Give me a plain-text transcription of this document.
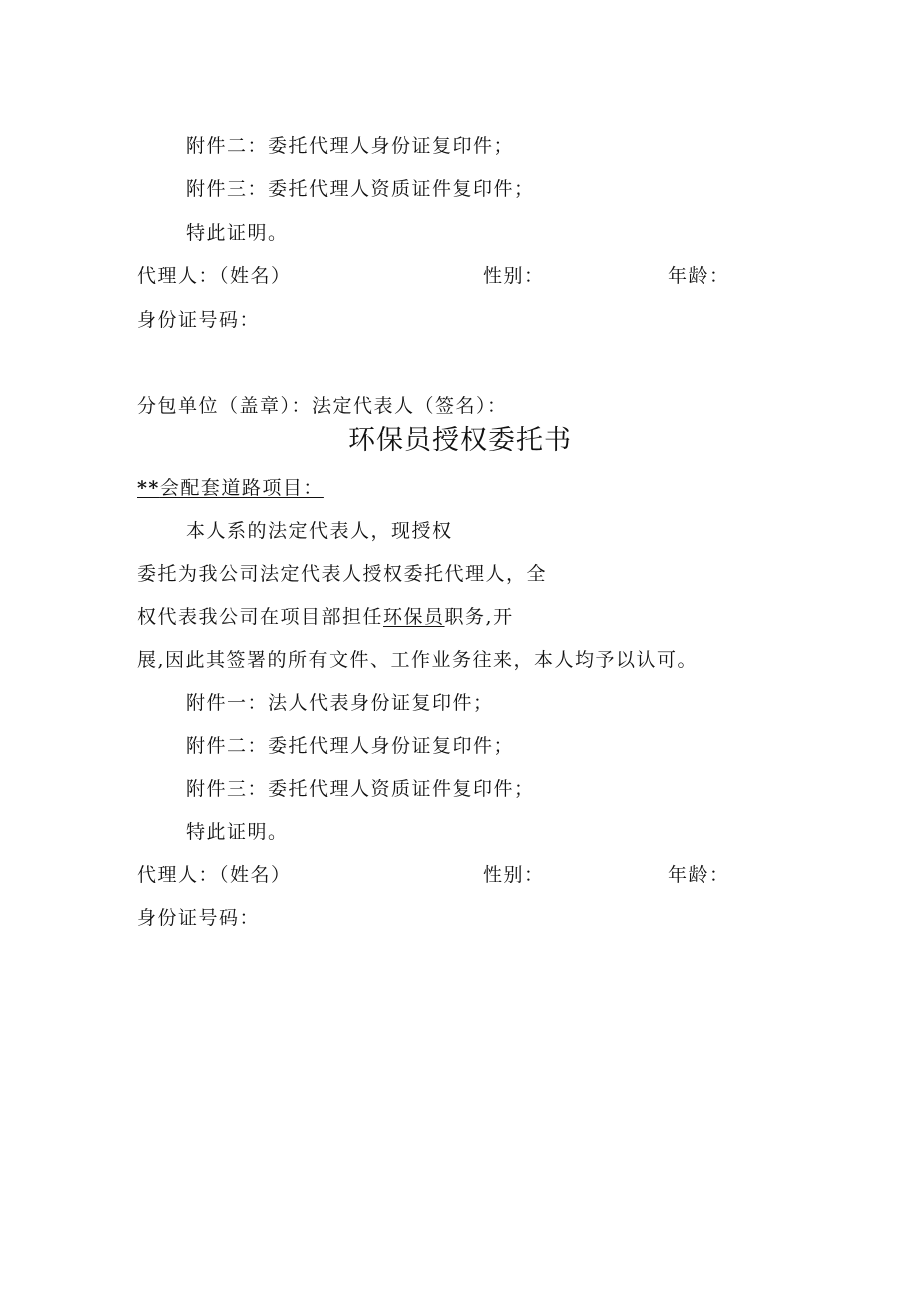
附件二：委托代理人身份证复印件；
附件三：委托代理人资质证件复印件；
特此证明。
代理人：（姓名）	性别：	年龄：
身份证号码：
分包单位（盖章）：法定代表人（签名）：
环保员授权委托书
**会配套道路项目：
本人系的法定代表人，现授权
委托为我公司法定代表人授权委托代理人，全
权代表我公司在项目部担任环保员职务,开
展,因此其签署的所有文件、工作业务往来，本人均予以认可。
附件一：法人代表身份证复印件；
附件二：委托代理人身份证复印件；
附件三：委托代理人资质证件复印件；
特此证明。
代理人：（姓名）	性别：	年龄：
身份证号码：
